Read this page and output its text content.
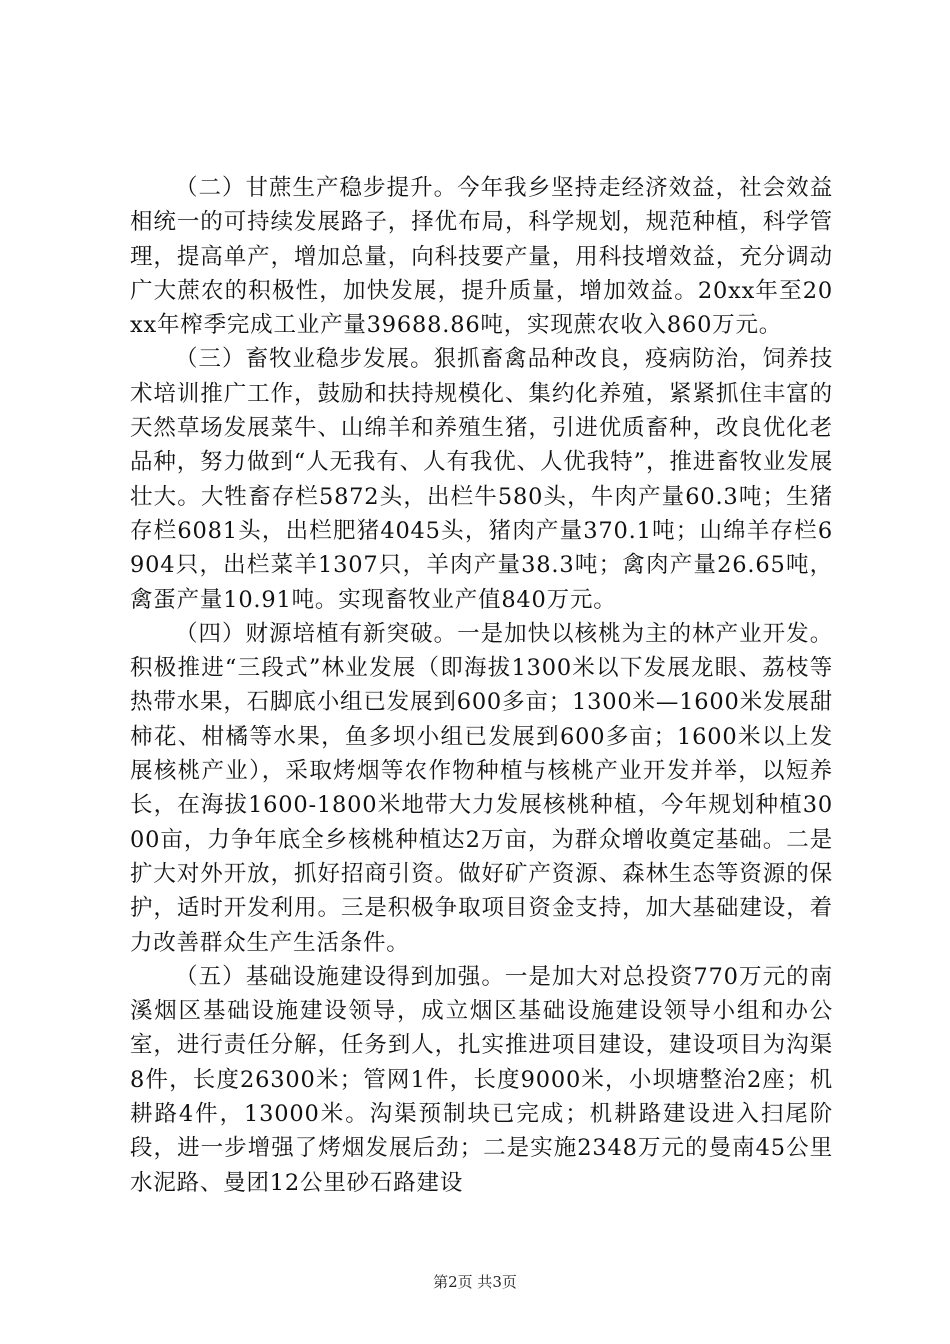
（二）甘蔗生产稳步提升。今年我乡坚持走经济效益，社会效益相统一的可持续发展路子，择优布局，科学规划，规范种植，科学管理，提高单产，增加总量，向科技要产量，用科技增效益，充分调动广大蔗农的积极性，加快发展，提升质量，增加效益。20xx年至20xx年榨季完成工业产量39688.86吨，实现蔗农收入860万元。

（三）畜牧业稳步发展。狠抓畜禽品种改良，疫病防治，饲养技术培训推广工作，鼓励和扶持规模化、集约化养殖，紧紧抓住丰富的天然草场发展菜牛、山绵羊和养殖生猪，引进优质畜种，改良优化老品种，努力做到“人无我有、人有我优、人优我特”，推进畜牧业发展壮大。大牲畜存栏5872头，出栏牛580头，牛肉产量60.3吨；生猪存栏6081头，出栏肥猪4045头，猪肉产量370.1吨；山绵羊存栏6904只，出栏菜羊1307只，羊肉产量38.3吨；禽肉产量26.65吨，禽蛋产量10.91吨。实现畜牧业产值840万元。

（四）财源培植有新突破。一是加快以核桃为主的林产业开发。积极推进“三段式”林业发展（即海拔1300米以下发展龙眼、荔枝等热带水果，石脚底小组已发展到600多亩；1300米—1600米发展甜柿花、柑橘等水果，鱼多坝小组已发展到600多亩；1600米以上发展核桃产业），采取烤烟等农作物种植与核桃产业开发并举，以短养长，在海拔1600-1800米地带大力发展核桃种植，今年规划种植3000亩，力争年底全乡核桃种植达2万亩，为群众增收奠定基础。二是扩大对外开放，抓好招商引资。做好矿产资源、森林生态等资源的保护，适时开发利用。三是积极争取项目资金支持，加大基础建设，着力改善群众生产生活条件。

（五）基础设施建设得到加强。一是加大对总投资770万元的南溪烟区基础设施建设领导，成立烟区基础设施建设领导小组和办公室，进行责任分解，任务到人，扎实推进项目建设，建设项目为沟渠8件，长度26300米；管网1件，长度9000米，小坝塘整治2座；机耕路4件，13000米。沟渠预制块已完成；机耕路建设进入扫尾阶段，进一步增强了烤烟发展后劲；二是实施2348万元的曼南45公里水泥路、曼团12公里砂石路建设

第2页 共3页
